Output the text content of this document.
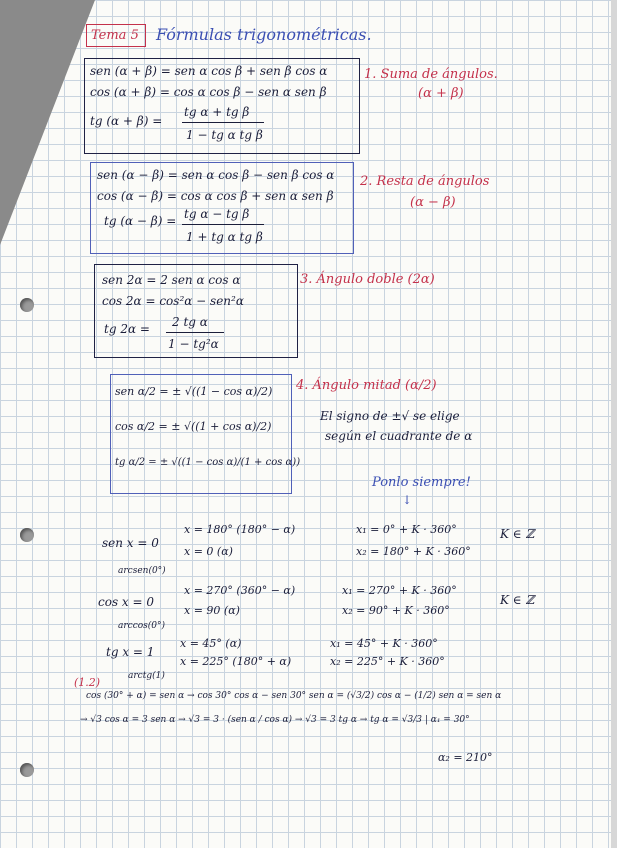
Tema 5 Fórmulas trigonométricas.
sen (α + β) = sen α cos β + sen β cos α
cos (α + β) = cos α cos β − sen α sen β
tg (α + β) =
tg α + tg β
1 − tg α tg β
1. Suma de ángulos.
(α + β)
sen (α − β) = sen α cos β − sen β cos α
cos (α − β) = cos α cos β + sen α sen β
tg (α − β) = tg α − tg β
1 + tg α tg β
2. Resta de ángulos
(α − β)
sen 2α = 2 sen α cos α
cos 2α = cos²α − sen²α
tg 2α = 2 tg α
1 − tg²α
3. Ángulo doble (2α)
sen α/2 = ± √((1 − cos α)/2)
cos α/2 = ± √((1 + cos α)/2)
tg α/2 = ± √((1 − cos α)/(1 + cos α))
4. Ángulo mitad (α/2)
El signo de ±√ se elige
según el cuadrante de α
Ponlo siempre!
↓
sen x = 0
x = 180° (180° − α)
x = 0 (α)
arcsen(0°)
x₁ = 0° + K · 360°
x₂ = 180° + K · 360°
K ∈ ℤ
cos x = 0
x = 270° (360° − α)
x = 90 (α)
arccos(0°)
x₁ = 270° + K · 360°
x₂ = 90° + K · 360°
K ∈ ℤ
tg x = 1
x = 45° (α)
x = 225° (180° + α)
arctg(1)
x₁ = 45° + K · 360°
x₂ = 225° + K · 360°
(1.2)
cos (30° + α) = sen α → cos 30° cos α − sen 30° sen α = (√3/2) cos α − (1/2) sen α = sen α
→ √3 cos α = 3 sen α → √3 = 3 · (sen α / cos α) → √3 = 3 tg α → tg α = √3/3 | α₁ = 30°
α₂ = 210°
